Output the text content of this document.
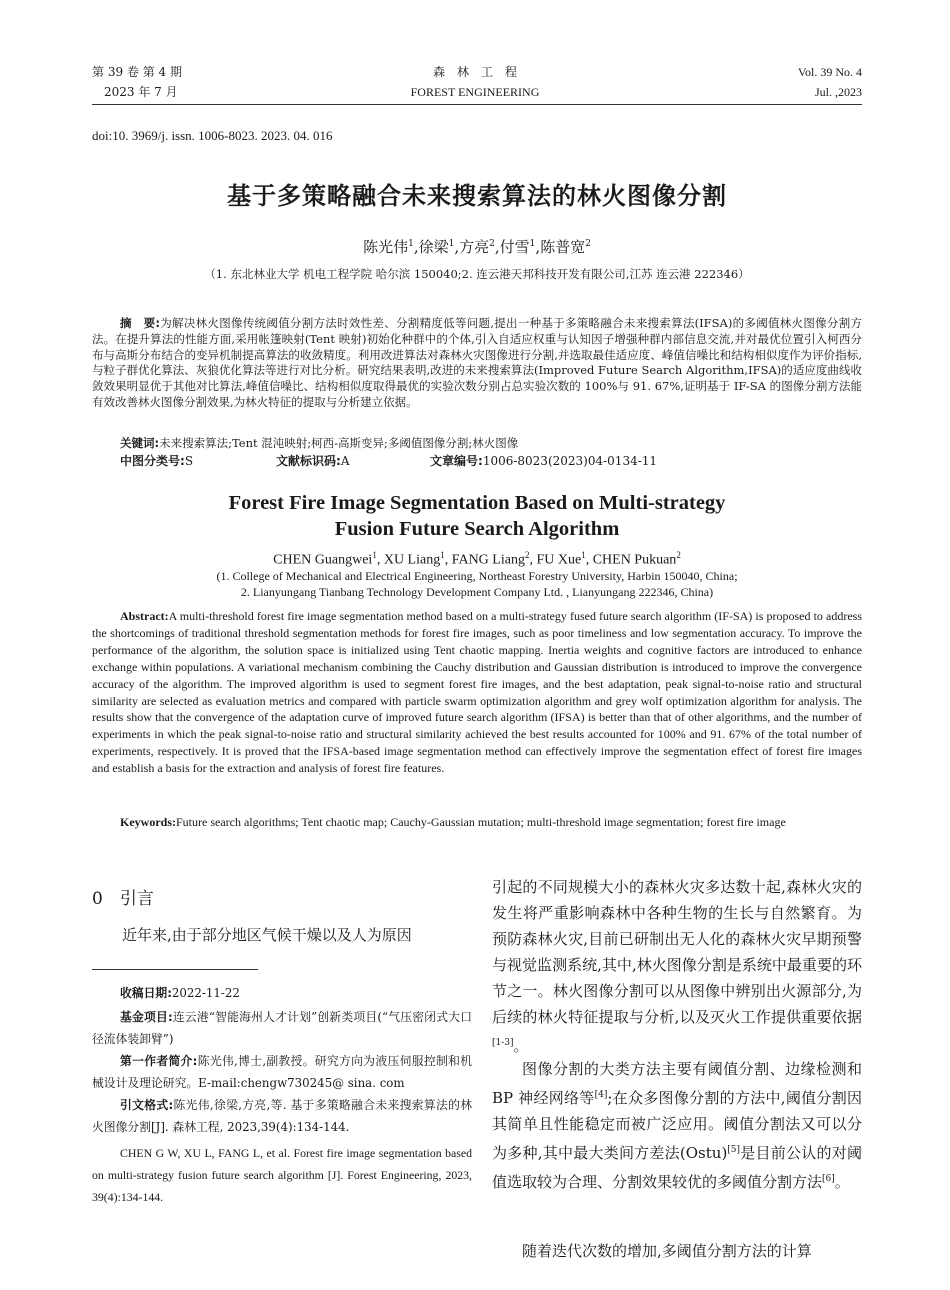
第 39 卷 第 4 期
2023 年 7 月
森　林　工　程
FOREST ENGINEERING
Vol. 39 No. 4
Jul. ,2023
doi:10. 3969/j. issn. 1006-8023. 2023. 04. 016
基于多策略融合未来搜索算法的林火图像分割
陈光伟$^1$,徐梁$^1$,方亮$^2$,付雪$^1$,陈普宽$^2$
（1. 东北林业大学 机电工程学院 哈尔滨 150040;2. 连云港天邦科技开发有限公司,江苏 连云港 222346）
摘　要:为解决林火图像传统阈值分割方法时效性差、分割精度低等问题,提出一种基于多策略融合未来搜索算法(IFSA)的多阈值林火图像分割方法。在提升算法的性能方面,采用帐篷映射(Tent 映射)初始化种群中的个体,引入自适应权重与认知因子增强种群内部信息交流,并对最优位置引入柯西分布与高斯分布结合的变异机制提高算法的收敛精度。利用改进算法对森林火灾图像进行分割,并选取最佳适应度、峰值信噪比和结构相似度作为评价指标,与粒子群优化算法、灰狼优化算法等进行对比分析。研究结果表明,改进的未来搜索算法(Improved Future Search Algorithm,IFSA)的适应度曲线收敛效果明显优于其他对比算法,峰值信噪比、结构相似度取得最优的实验次数分别占总实验次数的 100%与 91. 67%,证明基于 IF-SA 的图像分割方法能有效改善林火图像分割效果,为林火特征的提取与分析建立依据。
关键词:未来搜索算法;Tent 混沌映射;柯西-高斯变异;多阈值图像分割;林火图像
中图分类号:S	文献标识码:A	文章编号:1006-8023(2023)04-0134-11
Forest Fire Image Segmentation Based on Multi-strategy
Fusion Future Search Algorithm
CHEN Guangwei$^1$, XU Liang$^1$, FANG Liang$^2$, FU Xue$^1$, CHEN Pukuan$^2$
(1. College of Mechanical and Electrical Engineering, Northeast Forestry University, Harbin 150040, China;
2. Lianyungang Tianbang Technology Development Company Ltd. , Lianyungang 222346, China)
Abstract:A multi-threshold forest fire image segmentation method based on a multi-strategy fused future search algorithm (IF-SA) is proposed to address the shortcomings of traditional threshold segmentation methods for forest fire images, such as poor timeliness and low segmentation accuracy. To improve the performance of the algorithm, the solution space is initialized using Tent chaotic mapping. Inertia weights and cognitive factors are introduced to enhance exchange within populations. A variational mechanism combining the Cauchy distribution and Gaussian distribution is introduced to improve the convergence accuracy of the algorithm. The improved algorithm is used to segment forest fire images, and the best adaptation, peak signal-to-noise ratio and structural similarity are selected as evaluation metrics and compared with particle swarm optimization algorithm and grey wolf optimization algorithm for analysis. The results show that the convergence of the adaptation curve of improved future search algorithm (IFSA) is better than that of other algorithms, and the number of experiments in which the peak signal-to-noise ratio and structural similarity achieved the best results accounted for 100% and 91. 67% of the total number of experiments, respectively. It is proved that the IFSA-based image segmentation method can effectively improve the segmentation effect of forest fire images and establish a basis for the extraction and analysis of forest fire features.
Keywords:Future search algorithms; Tent chaotic map; Cauchy-Gaussian mutation; multi-threshold image segmentation; forest fire image
0　引言
近年来,由于部分地区气候干燥以及人为原因
收稿日期:2022-11-22
基金项目:连云港“智能海州人才计划”创新类项目(“气压密闭式大口径流体装卸臂”)
第一作者简介:陈光伟,博士,副教授。研究方向为液压伺服控制和机械设计及理论研究。E-mail:chengw730245@ sina. com
引文格式:陈光伟,徐梁,方亮,等. 基于多策略融合未来搜索算法的林火图像分割[J]. 森林工程, 2023,39(4):134-144.
CHEN G W, XU L, FANG L, et al. Forest fire image segmentation based on multi-strategy fusion future search algorithm [J]. Forest Engineering, 2023, 39(4):134-144.
引起的不同规模大小的森林火灾多达数十起,森林火灾的发生将严重影响森林中各种生物的生长与自然繁育。为预防森林火灾,目前已研制出无人化的森林火灾早期预警与视觉监测系统,其中,林火图像分割是系统中最重要的环节之一。林火图像分割可以从图像中辨别出火源部分,为后续的林火特征提取与分析,以及灭火工作提供重要依据[1-3]。
图像分割的大类方法主要有阈值分割、边缘检测和 BP 神经网络等[4];在众多图像分割的方法中,阈值分割因其简单且性能稳定而被广泛应用。阈值分割法又可以分为多种,其中最大类间方差法(Ostu)[5]是目前公认的对阈值选取较为合理、分割效果较优的多阈值分割方法[6]。
随着迭代次数的增加,多阈值分割方法的计算
